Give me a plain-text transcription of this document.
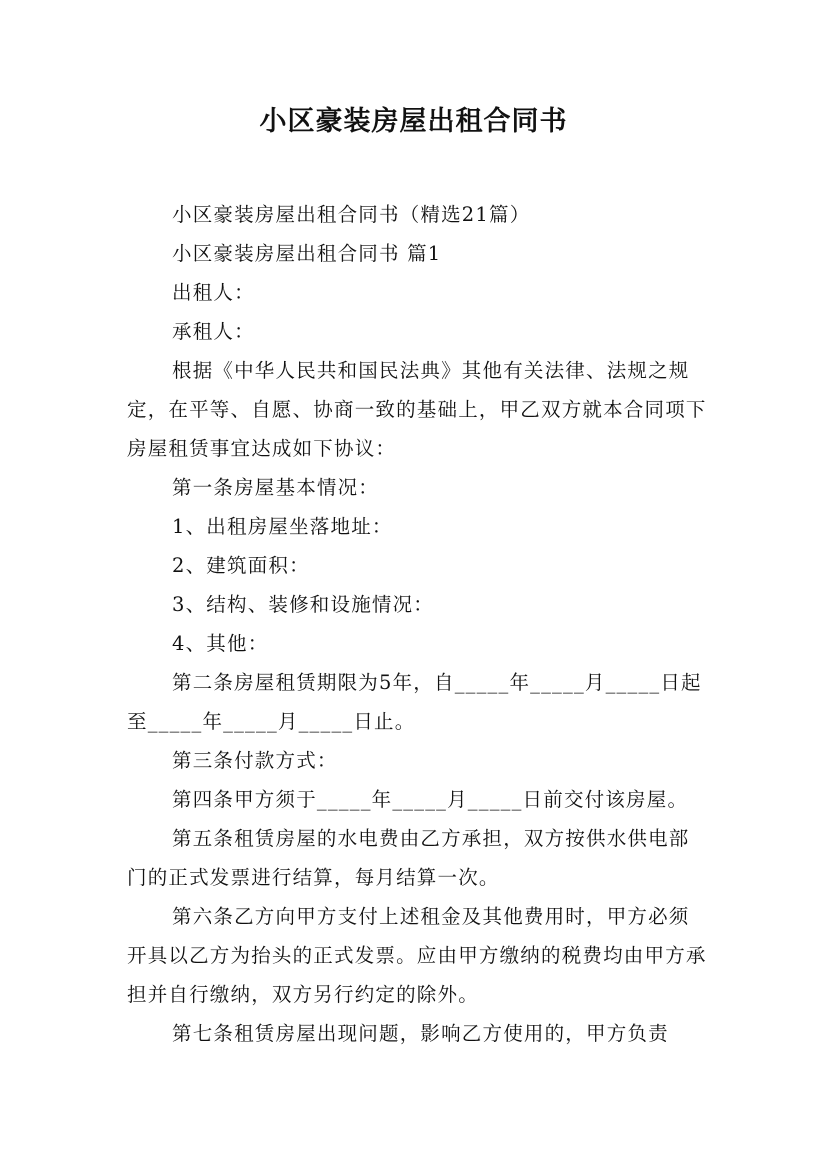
小区豪装房屋出租合同书

小区豪装房屋出租合同书（精选21篇）

小区豪装房屋出租合同书 篇1

出租人：

承租人：

根据《中华人民共和国民法典》其他有关法律、法规之规定，在平等、自愿、协商一致的基础上，甲乙双方就本合同项下房屋租赁事宜达成如下协议：

第一条房屋基本情况：

1、出租房屋坐落地址：

2、建筑面积：

3、结构、装修和设施情况：

4、其他：

第二条房屋租赁期限为5年，自_____年_____月_____日起至_____年_____月_____日止。

第三条付款方式：

第四条甲方须于_____年_____月_____日前交付该房屋。

第五条租赁房屋的水电费由乙方承担，双方按供水供电部门的正式发票进行结算，每月结算一次。

第六条乙方向甲方支付上述租金及其他费用时，甲方必须开具以乙方为抬头的正式发票。应由甲方缴纳的税费均由甲方承担并自行缴纳，双方另行约定的除外。

第七条租赁房屋出现问题，影响乙方使用的，甲方负责
